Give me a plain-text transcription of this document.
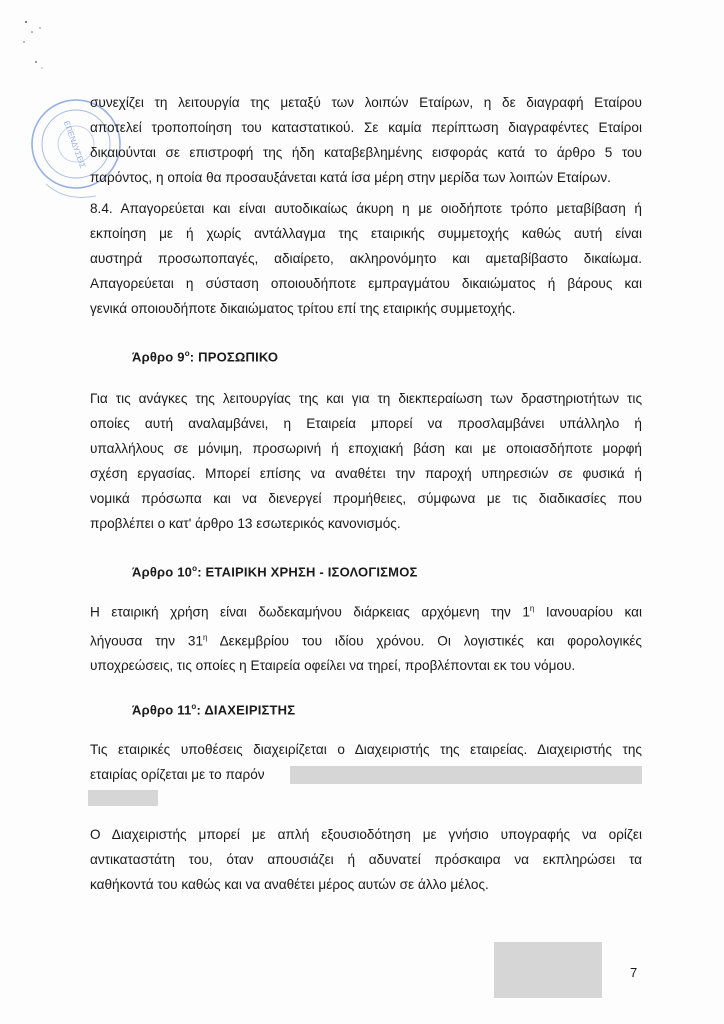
ΕΠΕΝΔΥΣΕΙΣ
συνεχίζει τη λειτουργία της μεταξύ των λοιπών Εταίρων, η δε διαγραφή Εταίρου
αποτελεί τροποποίηση του καταστατικού. Σε καμία περίπτωση διαγραφέντες Εταίροι
δικαιούνται σε επιστροφή της ήδη καταβεβλημένης εισφοράς κατά το άρθρο 5 του
παρόντος, η οποία θα προσαυξάνεται κατά ίσα μέρη στην μερίδα των λοιπών Εταίρων.
8.4. Απαγορεύεται και είναι αυτοδικαίως άκυρη η με οιοδήποτε τρόπο μεταβίβαση ή
εκποίηση με ή χωρίς αντάλλαγμα της εταιρικής συμμετοχής καθώς αυτή είναι
αυστηρά προσωποπαγές, αδιαίρετο, ακληρονόμητο και αμεταβίβαστο δικαίωμα.
Απαγορεύεται η σύσταση οποιουδήποτε εμπραγμάτου δικαιώματος ή βάρους και
γενικά οποιουδήποτε δικαιώματος τρίτου επί της εταιρικής συμμετοχής.
Άρθρο $9^o$: ΠΡΟΣΩΠΙΚΟ
Για τις ανάγκες της λειτουργίας της και για τη διεκπεραίωση των δραστηριοτήτων τις
οποίες αυτή αναλαμβάνει, η Εταιρεία μπορεί να προσλαμβάνει υπάλληλο ή
υπαλλήλους σε μόνιμη, προσωρινή ή εποχιακή βάση και με οποιασδήποτε μορφή
σχέση εργασίας. Μπορεί επίσης να αναθέτει την παροχή υπηρεσιών σε φυσικά ή
νομικά πρόσωπα και να διενεργεί προμήθειες, σύμφωνα με τις διαδικασίες που
προβλέπει ο κατ' άρθρο 13 εσωτερικός κανονισμός.
Άρθρο $10^o$: ΕΤΑΙΡΙΚΗ ΧΡΗΣΗ - ΙΣΟΛΟΓΙΣΜΟΣ
Η εταιρική χρήση είναι δωδεκαμήνου διάρκειας αρχόμενη την $1^\eta$ Ιανουαρίου και
λήγουσα την $31^\eta$ Δεκεμβρίου του ιδίου χρόνου. Οι λογιστικές και φορολογικές
υποχρεώσεις, τις οποίες η Εταιρεία οφείλει να τηρεί, προβλέπονται εκ του νόμου.
Άρθρο $11^o$: ΔΙΑΧΕΙΡΙΣΤΗΣ
Τις εταιρικές υποθέσεις διαχειρίζεται ο Διαχειριστής της εταιρείας. Διαχειριστής της
εταιρίας ορίζεται με το παρόν
Ο Διαχειριστής μπορεί με απλή εξουσιοδότηση με γνήσιο υπογραφής να ορίζει
αντικαταστάτη του, όταν απουσιάζει ή αδυνατεί πρόσκαιρα να εκπληρώσει τα
καθήκοντά του καθώς και να αναθέτει μέρος αυτών σε άλλο μέλος.
7
